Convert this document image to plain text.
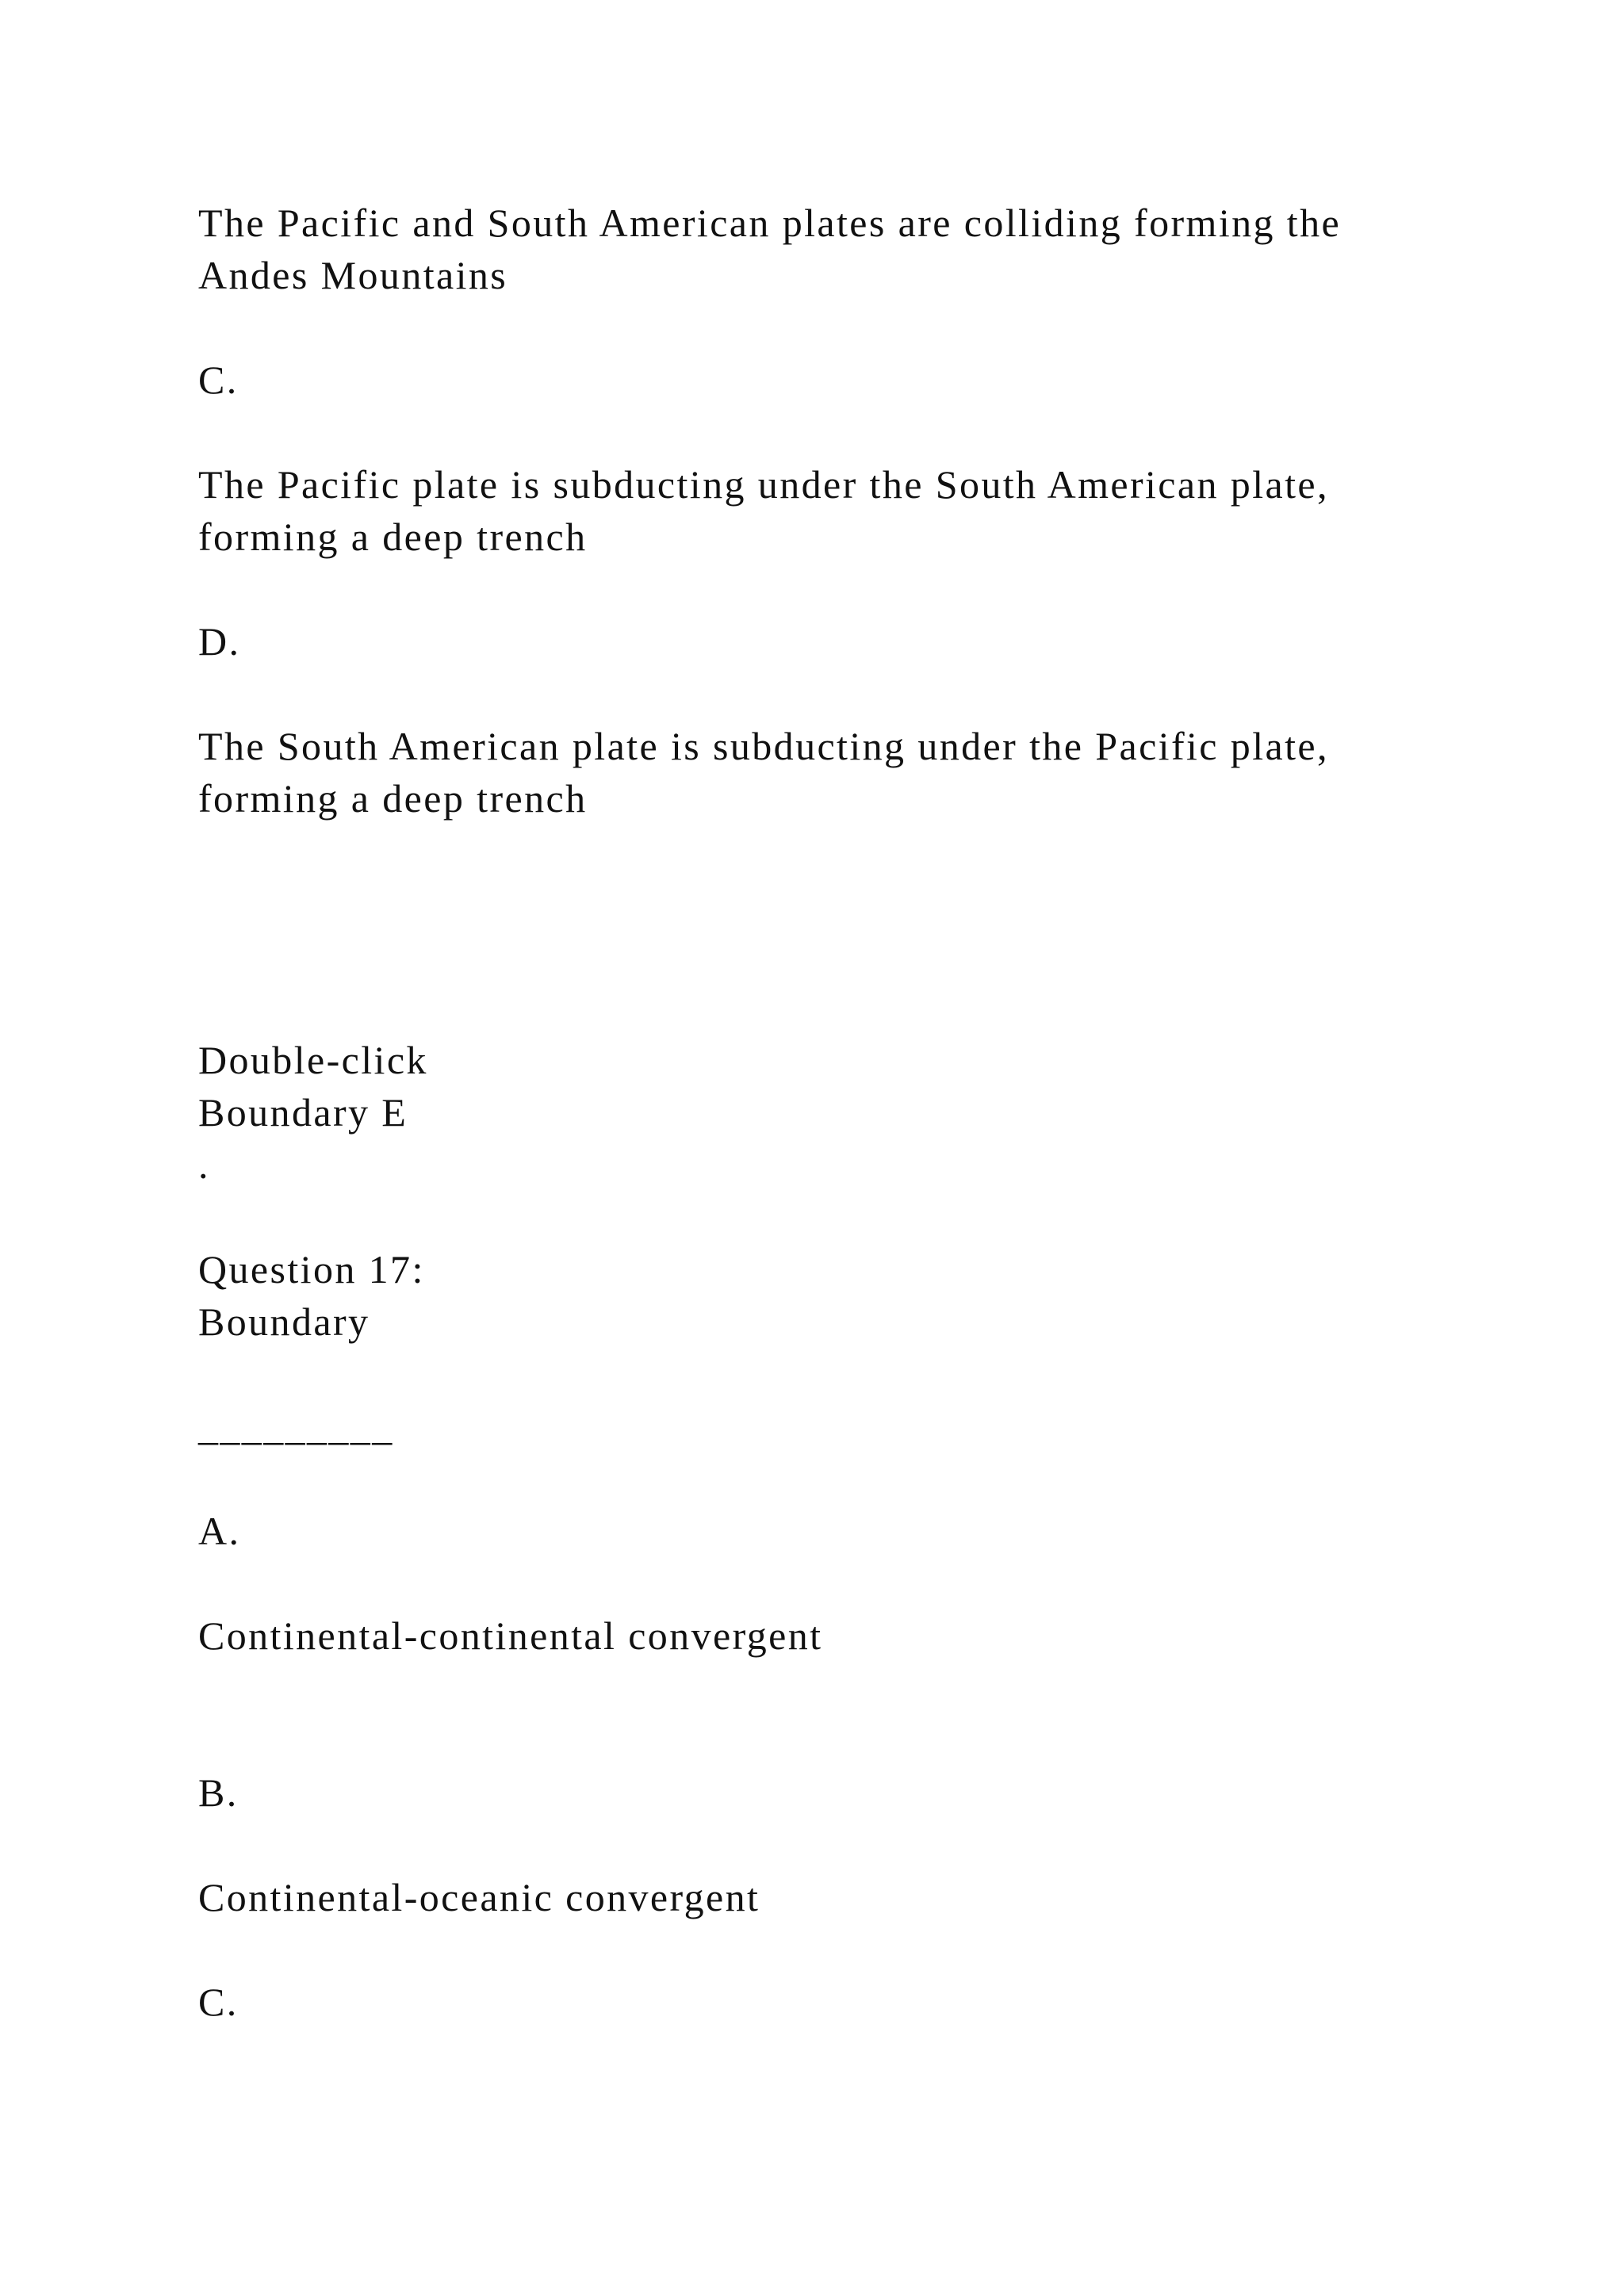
The Pacific and South American plates are colliding forming the

Andes Mountains

C.

The Pacific plate is subducting under the South American plate,

forming a deep trench

D.

The South American plate is subducting under the Pacific plate,

forming a deep trench

Double-click

Boundary E

.

Question 17:

Boundary

_________

A.

Continental-continental convergent

B.

Continental-oceanic convergent

C.
